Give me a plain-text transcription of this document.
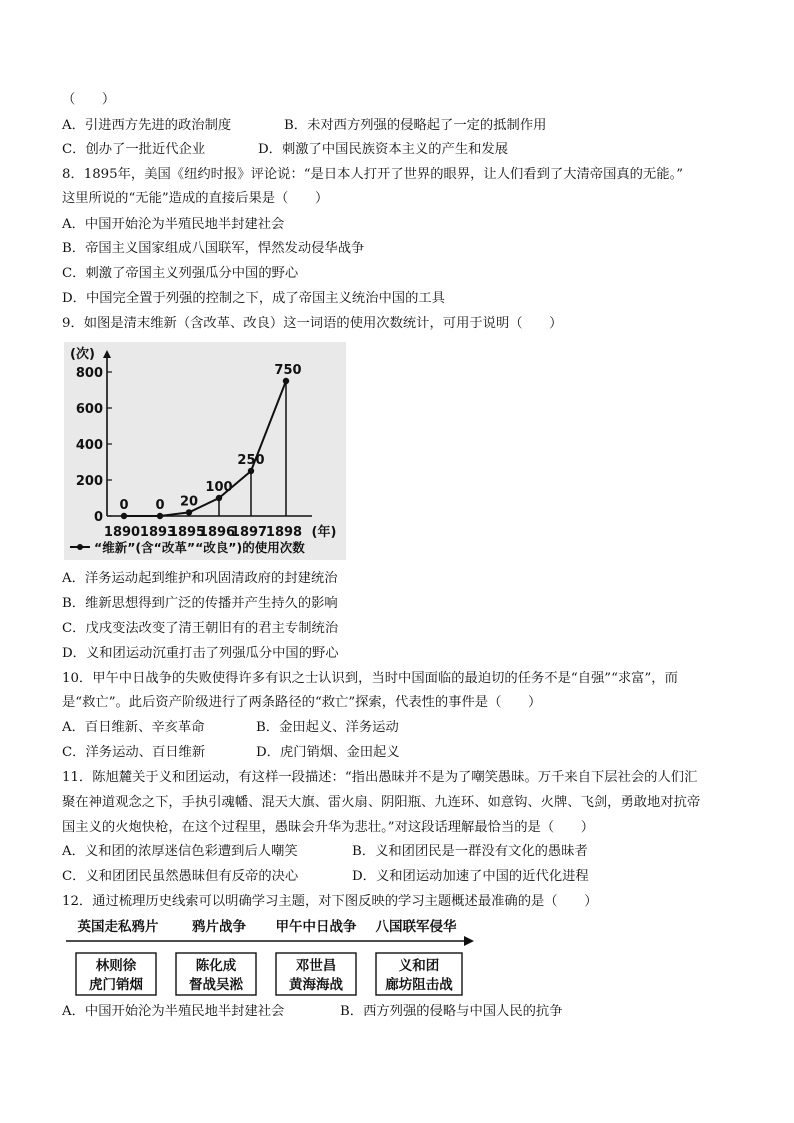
（　　）
A．引进西方先进的政治制度	B．未对西方列强的侵略起了一定的抵制作用
C．创办了一批近代企业	D．刺激了中国民族资本主义的产生和发展
8．1895年，美国《纽约时报》评论说：“是日本人打开了世界的眼界，让人们看到了大清帝国真的无能。”
这里所说的“无能”造成的直接后果是（　　）
A．中国开始沦为半殖民地半封建社会
B．帝国主义国家组成八国联军，悍然发动侵华战争
C．刺激了帝国主义列强瓜分中国的野心
D．中国完全置于列强的控制之下，成了帝国主义统治中国的工具
9．如图是清末维新（含改革、改良）这一词语的使用次数统计，可用于说明（　　）
(次)
0
200
400
600
800
0 0 20
100
250
750
1890 1893
1895
1896
1897
1898 (年)
“维新”(含“改革”“改良”)的使用次数
A．洋务运动起到维护和巩固清政府的封建统治
B．维新思想得到广泛的传播并产生持久的影响
C．戊戌变法改变了清王朝旧有的君主专制统治
D．义和团运动沉重打击了列强瓜分中国的野心
10．甲午中日战争的失败使得许多有识之士认识到，当时中国面临的最迫切的任务不是“自强”“求富”，而
是“救亡”。此后资产阶级进行了两条路径的“救亡”探索，代表性的事件是（　　）
A．百日维新、辛亥革命	B．金田起义、洋务运动
C．洋务运动、百日维新	D．虎门销烟、金田起义
11．陈旭麓关于义和团运动，有这样一段描述：“指出愚昧并不是为了嘲笑愚昧。万千来自下层社会的人们汇
聚在神道观念之下，手执引魂幡、混天大旗、雷火扇、阴阳瓶、九连环、如意钩、火牌、飞剑，勇敢地对抗帝
国主义的火炮快枪，在这个过程里，愚昧会升华为悲壮。”对这段话理解最恰当的是（　　）
A．义和团的浓厚迷信色彩遭到后人嘲笑	B．义和团团民是一群没有文化的愚昧者
C．义和团团民虽然愚昧但有反帝的决心	D．义和团运动加速了中国的近代化进程
12．通过梳理历史线索可以明确学习主题，对下图反映的学习主题概述最准确的是（　　）
英国走私鸦片 鸦片战争 甲午中日战争 八国联军侵华
林则徐
虎门销烟
陈化成
督战吴淞
邓世昌
黄海海战
义和团
廊坊阻击战
A．中国开始沦为半殖民地半封建社会	B．西方列强的侵略与中国人民的抗争
